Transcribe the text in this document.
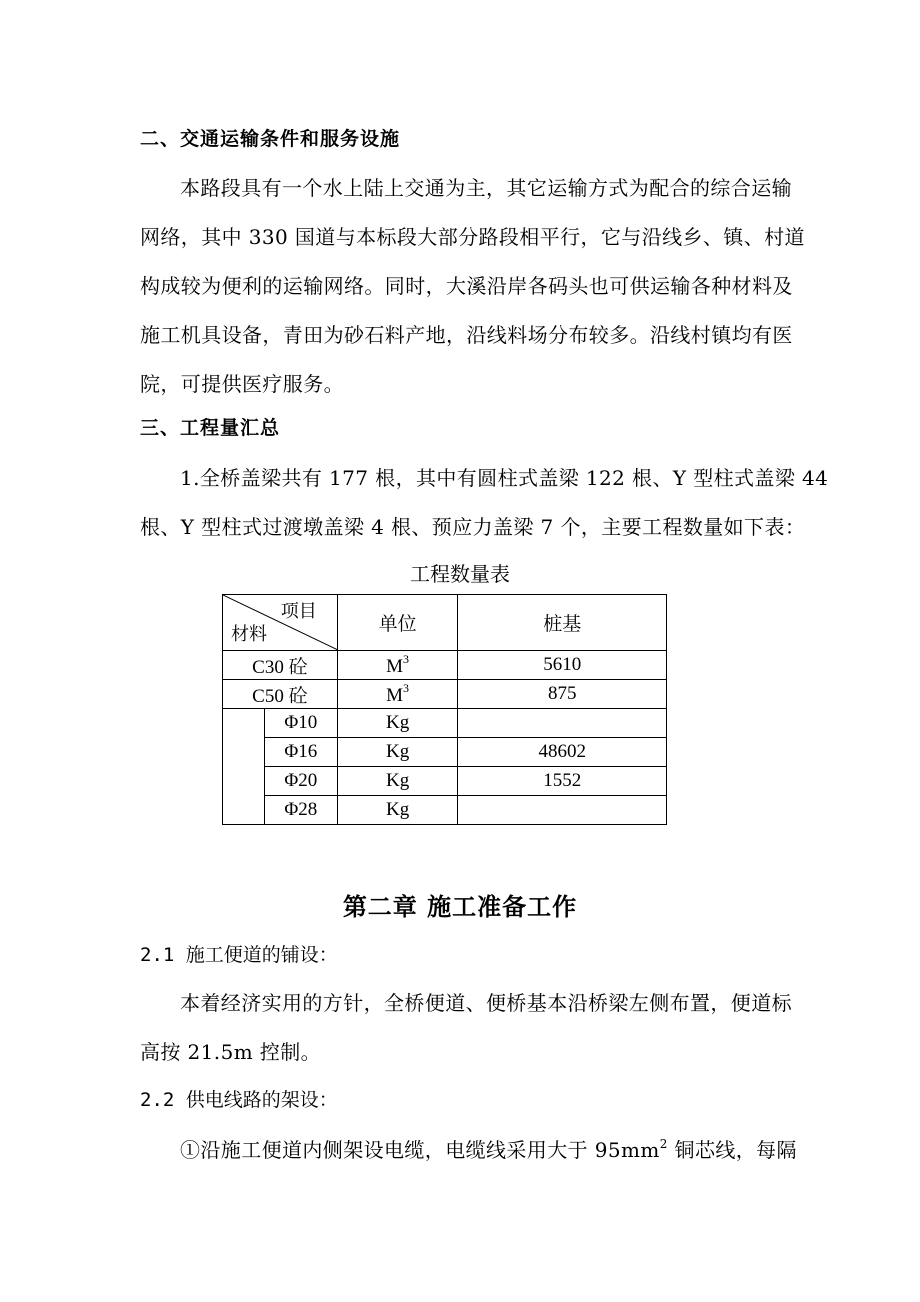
二、交通运输条件和服务设施
本路段具有一个水上陆上交通为主，其它运输方式为配合的综合运输
网络，其中 330 国道与本标段大部分路段相平行，它与沿线乡、镇、村道
构成较为便利的运输网络。同时，大溪沿岸各码头也可供运输各种材料及
施工机具设备，青田为砂石料产地，沿线料场分布较多。沿线村镇均有医
院，可提供医疗服务。
三、工程量汇总
1.全桥盖梁共有 177 根，其中有圆柱式盖梁 122 根、Y 型柱式盖梁 44
根、Y 型柱式过渡墩盖梁 4 根、预应力盖梁 7 个，主要工程数量如下表：
工程数量表
项目
材料		单位	桩基
C30 砼		$M^3$	5610
C50 砼		$M^3$	875
	Φ10	Kg	
	Φ16	Kg	48602
	Φ20	Kg	1552
	Φ28	Kg	
第二章 施工准备工作
2.1 施工便道的铺设：
本着经济实用的方针，全桥便道、便桥基本沿桥梁左侧布置，便道标
高按 21.5m 控制。
2.2 供电线路的架设：
①沿施工便道内侧架设电缆，电缆线采用大于 $95mm^2$ 铜芯线，每隔
